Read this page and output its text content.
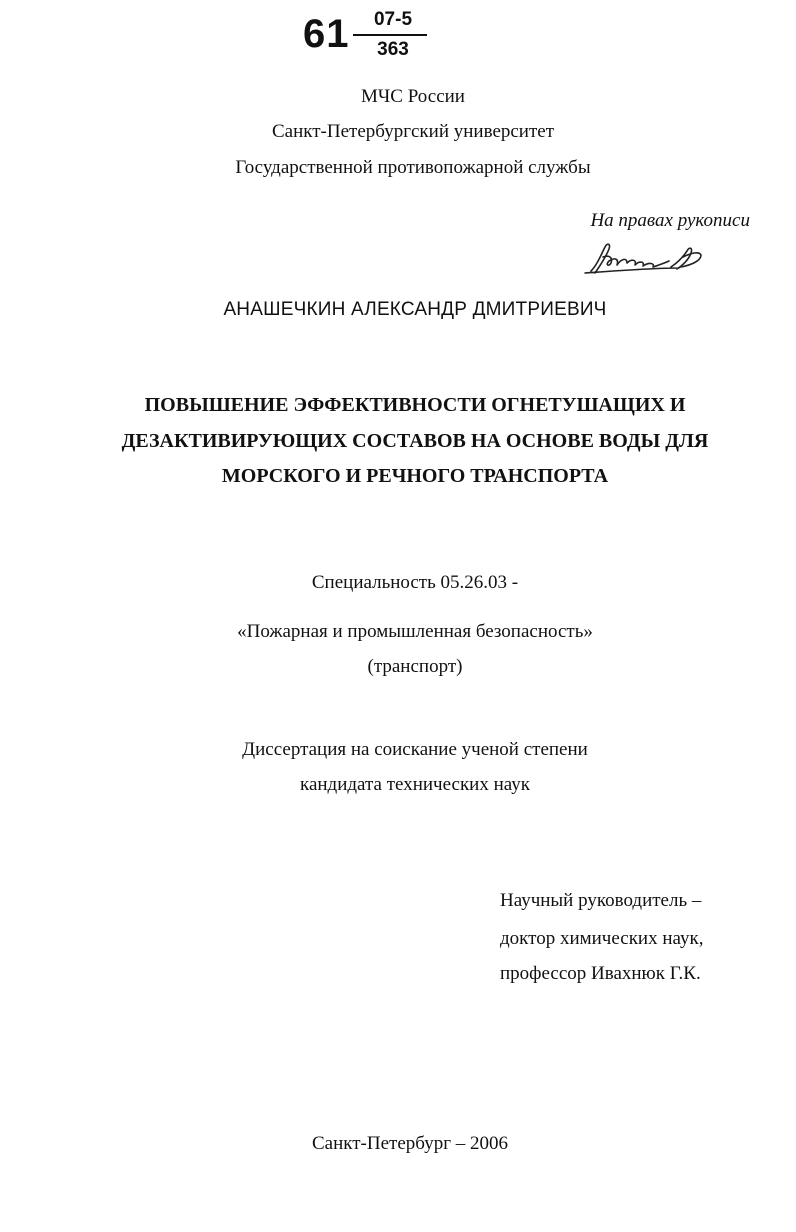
61	07-5
363
МЧС России
Санкт-Петербургский университет
Государственной противопожарной службы
На правах рукописи
АНАШЕЧКИН АЛЕКСАНДР ДМИТРИЕВИЧ
ПОВЫШЕНИЕ ЭФФЕКТИВНОСТИ ОГНЕТУШАЩИХ И
ДЕЗАКТИВИРУЮЩИХ СОСТАВОВ НА ОСНОВЕ ВОДЫ ДЛЯ
МОРСКОГО И РЕЧНОГО ТРАНСПОРТА
Специальность 05.26.03 -
«Пожарная и промышленная безопасность»
(транспорт)
Диссертация на соискание ученой степени
кандидата технических наук
Научный руководитель –
доктор химических наук,
профессор Ивахнюк Г.К.
Санкт-Петербург – 2006
